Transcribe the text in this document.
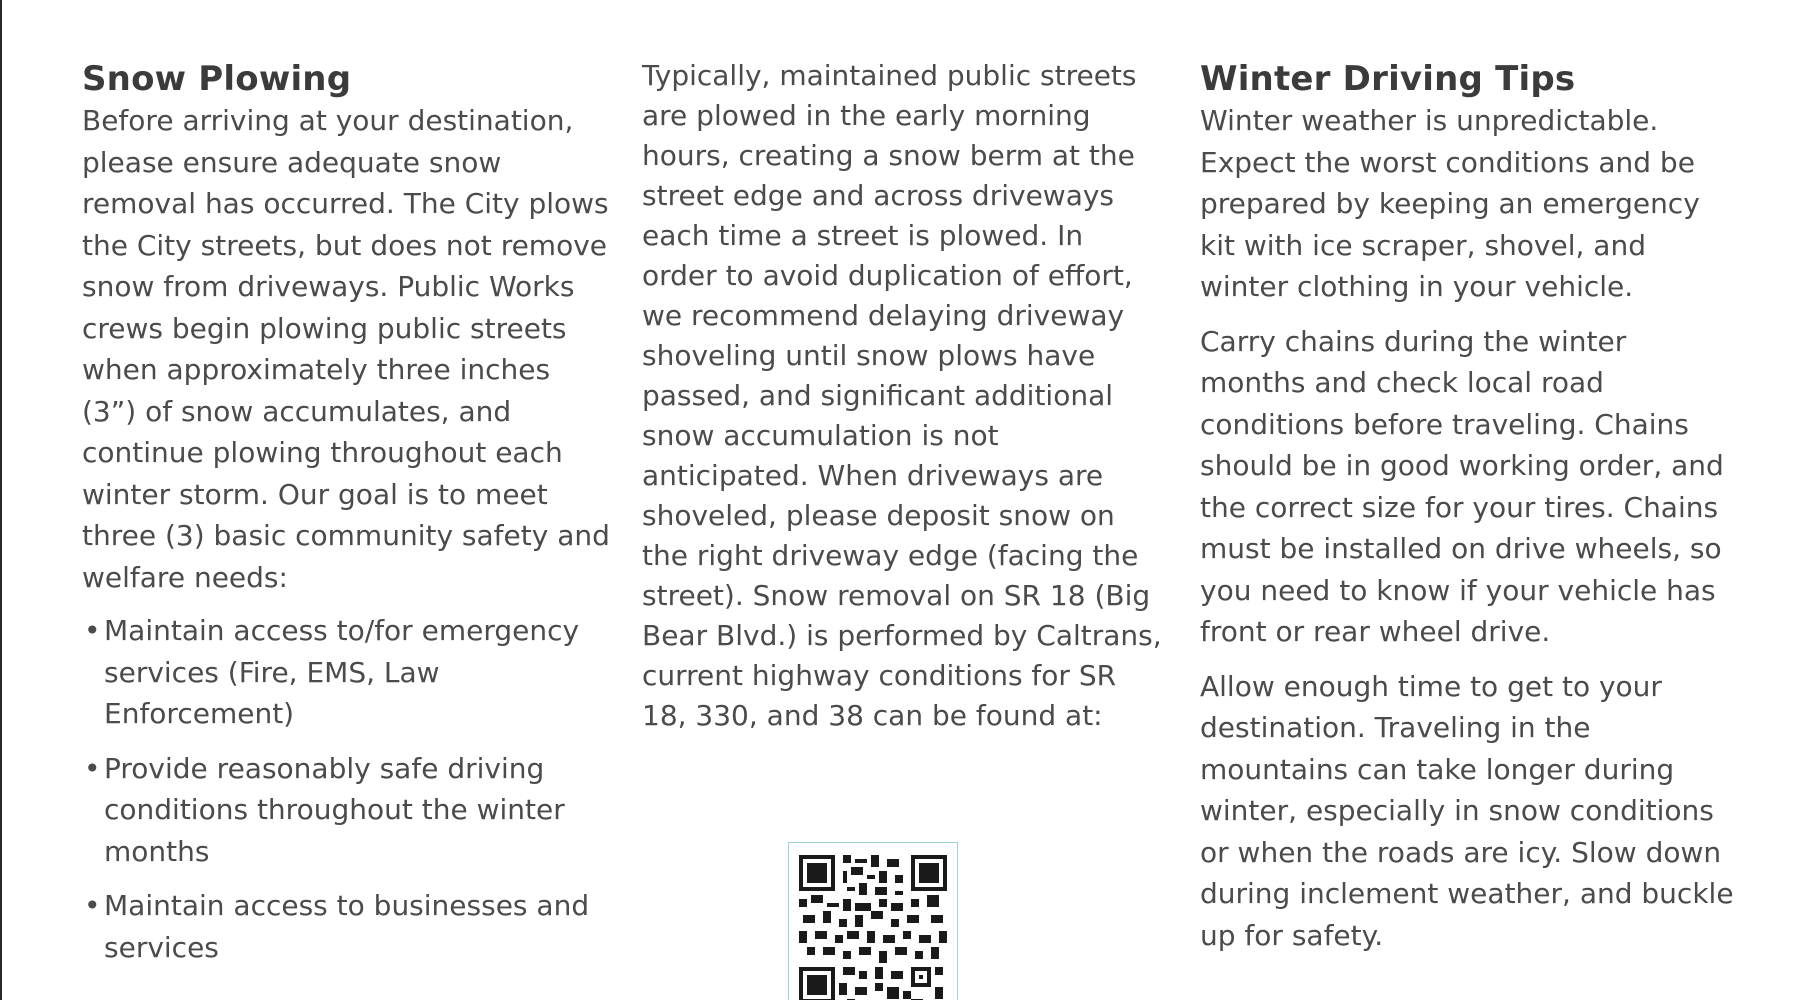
Snow Plowing

Before arriving at your destination, please ensure adequate snow removal has occurred. The City plows the City streets, but does not remove snow from driveways. Public Works crews begin plowing public streets when approximately three inches (3”) of snow accumulates, and continue plowing throughout each winter storm. Our goal is to meet three (3) basic community safety and welfare needs:

• Maintain access to/for emergency services (Fire, EMS, Law Enforcement)
• Provide reasonably safe driving conditions throughout the winter months
• Maintain access to businesses and services

Typically, maintained public streets are plowed in the early morning hours, creating a snow berm at the street edge and across driveways each time a street is plowed. In order to avoid duplication of effort, we recommend delaying driveway shoveling until snow plows have passed, and significant additional snow accumulation is not anticipated. When driveways are shoveled, please deposit snow on the right driveway edge (facing the street). Snow removal on SR 18 (Big Bear Blvd.) is performed by Caltrans, current highway conditions for SR 18, 330, and 38 can be found at:

Winter Driving Tips

Winter weather is unpredictable. Expect the worst conditions and be prepared by keeping an emergency kit with ice scraper, shovel, and winter clothing in your vehicle.

Carry chains during the winter months and check local road conditions before traveling. Chains should be in good working order, and the correct size for your tires. Chains must be installed on drive wheels, so you need to know if your vehicle has front or rear wheel drive.

Allow enough time to get to your destination. Traveling in the mountains can take longer during winter, especially in snow conditions or when the roads are icy. Slow down during inclement weather, and buckle up for safety.
